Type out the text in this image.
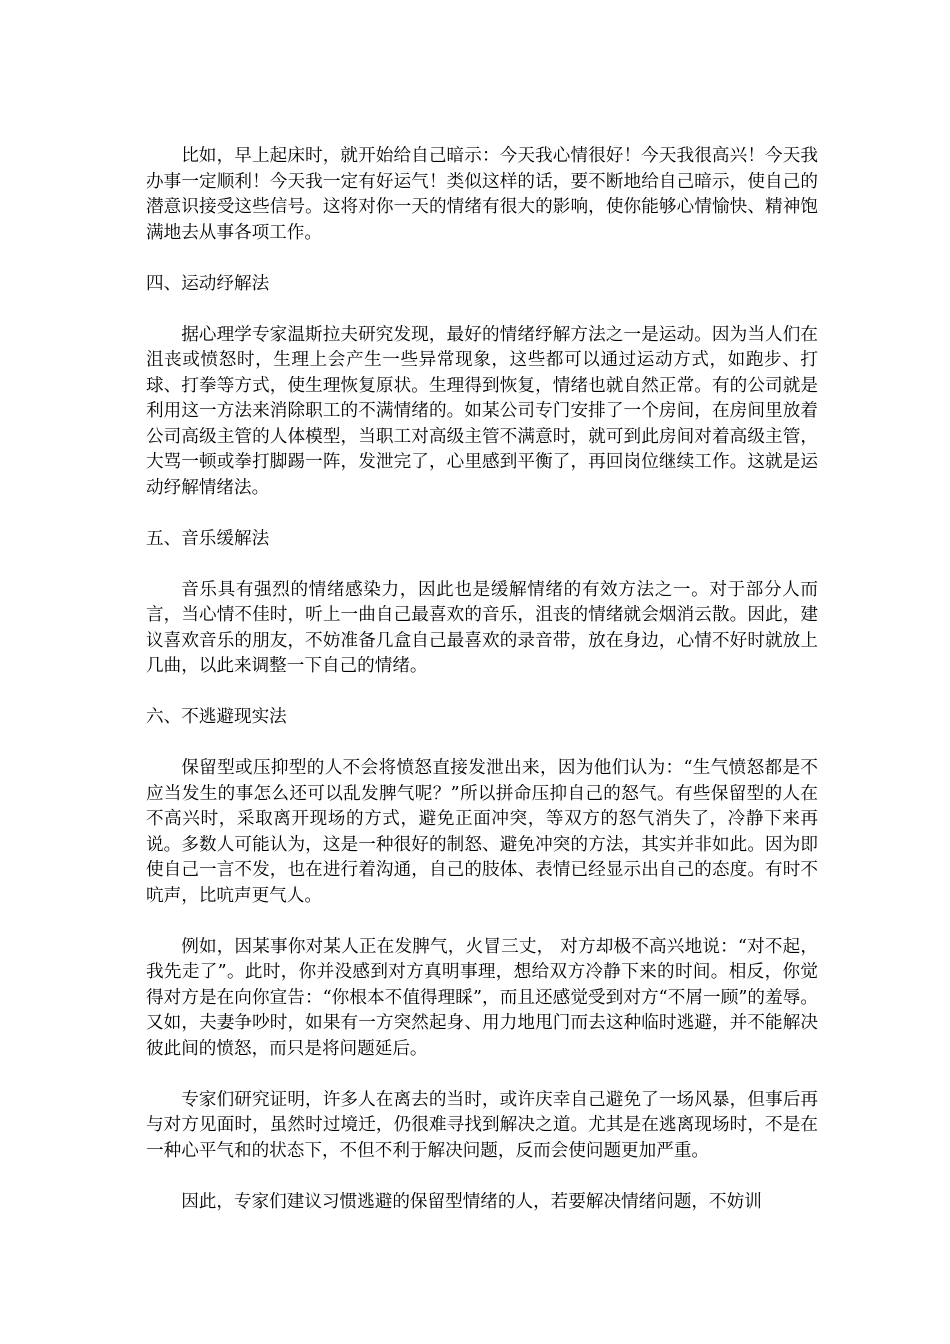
比如，早上起床时，就开始给自己暗示：今天我心情很好！今天我很高兴！今天我办事一定顺利！今天我一定有好运气！类似这样的话，要不断地给自己暗示，使自己的潜意识接受这些信号。这将对你一天的情绪有很大的影响，使你能够心情愉快、精神饱满地去从事各项工作。

四、运动纾解法

据心理学专家温斯拉夫研究发现，最好的情绪纾解方法之一是运动。因为当人们在沮丧或愤怒时，生理上会产生一些异常现象，这些都可以通过运动方式，如跑步、打球、打拳等方式，使生理恢复原状。生理得到恢复，情绪也就自然正常。有的公司就是利用这一方法来消除职工的不满情绪的。如某公司专门安排了一个房间，在房间里放着公司高级主管的人体模型，当职工对高级主管不满意时，就可到此房间对着高级主管，大骂一顿或拳打脚踢一阵，发泄完了，心里感到平衡了，再回岗位继续工作。这就是运动纾解情绪法。

五、音乐缓解法

音乐具有强烈的情绪感染力，因此也是缓解情绪的有效方法之一。对于部分人而言，当心情不佳时，听上一曲自己最喜欢的音乐，沮丧的情绪就会烟消云散。因此，建议喜欢音乐的朋友，不妨准备几盒自己最喜欢的录音带，放在身边，心情不好时就放上几曲，以此来调整一下自己的情绪。

六、不逃避现实法

保留型或压抑型的人不会将愤怒直接发泄出来，因为他们认为：“生气愤怒都是不应当发生的事怎么还可以乱发脾气呢？”所以拼命压抑自己的怒气。有些保留型的人在不高兴时，采取离开现场的方式，避免正面冲突，等双方的怒气消失了，冷静下来再说。多数人可能认为，这是一种很好的制怒、避免冲突的方法，其实并非如此。因为即使自己一言不发，也在进行着沟通，自己的肢体、表情已经显示出自己的态度。有时不吭声，比吭声更气人。

例如，因某事你对某人正在发脾气，火冒三丈， 对方却极不高兴地说：“对不起，我先走了”。此时，你并没感到对方真明事理，想给双方冷静下来的时间。相反，你觉得对方是在向你宣告：“你根本不值得理睬”，而且还感觉受到对方“不屑一顾”的羞辱。又如，夫妻争吵时，如果有一方突然起身、用力地甩门而去这种临时逃避，并不能解决彼此间的愤怒，而只是将问题延后。

专家们研究证明，许多人在离去的当时，或许庆幸自己避免了一场风暴，但事后再与对方见面时，虽然时过境迁，仍很难寻找到解决之道。尤其是在逃离现场时，不是在一种心平气和的状态下，不但不利于解决问题，反而会使问题更加严重。

因此，专家们建议习惯逃避的保留型情绪的人，若要解决情绪问题，不妨训
